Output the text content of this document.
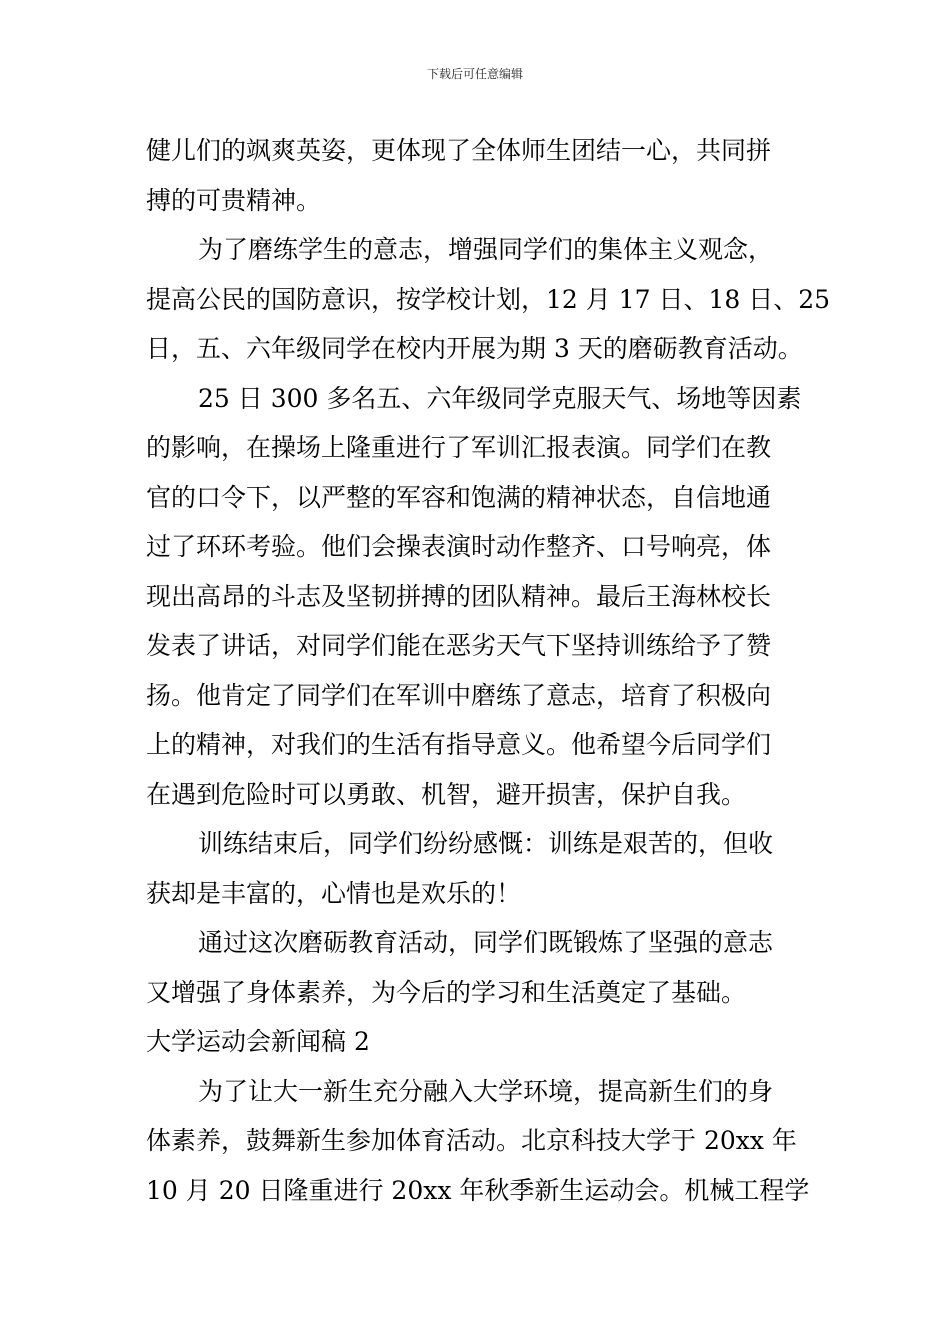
下载后可任意编辑
健儿们的飒爽英姿，更体现了全体师生团结一心，共同拼
搏的可贵精神。
为了磨练学生的意志，增强同学们的集体主义观念，
提高公民的国防意识，按学校计划，12 月 17 日、18 日、25
日，五、六年级同学在校内开展为期 3 天的磨砺教育活动。
25 日 300 多名五、六年级同学克服天气、场地等因素
的影响，在操场上隆重进行了军训汇报表演。同学们在教
官的口令下，以严整的军容和饱满的精神状态，自信地通
过了环环考验。他们会操表演时动作整齐、口号响亮，体
现出高昂的斗志及坚韧拼搏的团队精神。最后王海林校长
发表了讲话，对同学们能在恶劣天气下坚持训练给予了赞
扬。他肯定了同学们在军训中磨练了意志，培育了积极向
上的精神，对我们的生活有指导意义。他希望今后同学们
在遇到危险时可以勇敢、机智，避开损害，保护自我。
训练结束后，同学们纷纷感慨：训练是艰苦的，但收
获却是丰富的，心情也是欢乐的！
通过这次磨砺教育活动，同学们既锻炼了坚强的意志
又增强了身体素养，为今后的学习和生活奠定了基础。
大学运动会新闻稿 2
为了让大一新生充分融入大学环境，提高新生们的身
体素养，鼓舞新生参加体育活动。北京科技大学于 20xx 年
10 月 20 日隆重进行 20xx 年秋季新生运动会。机械工程学
